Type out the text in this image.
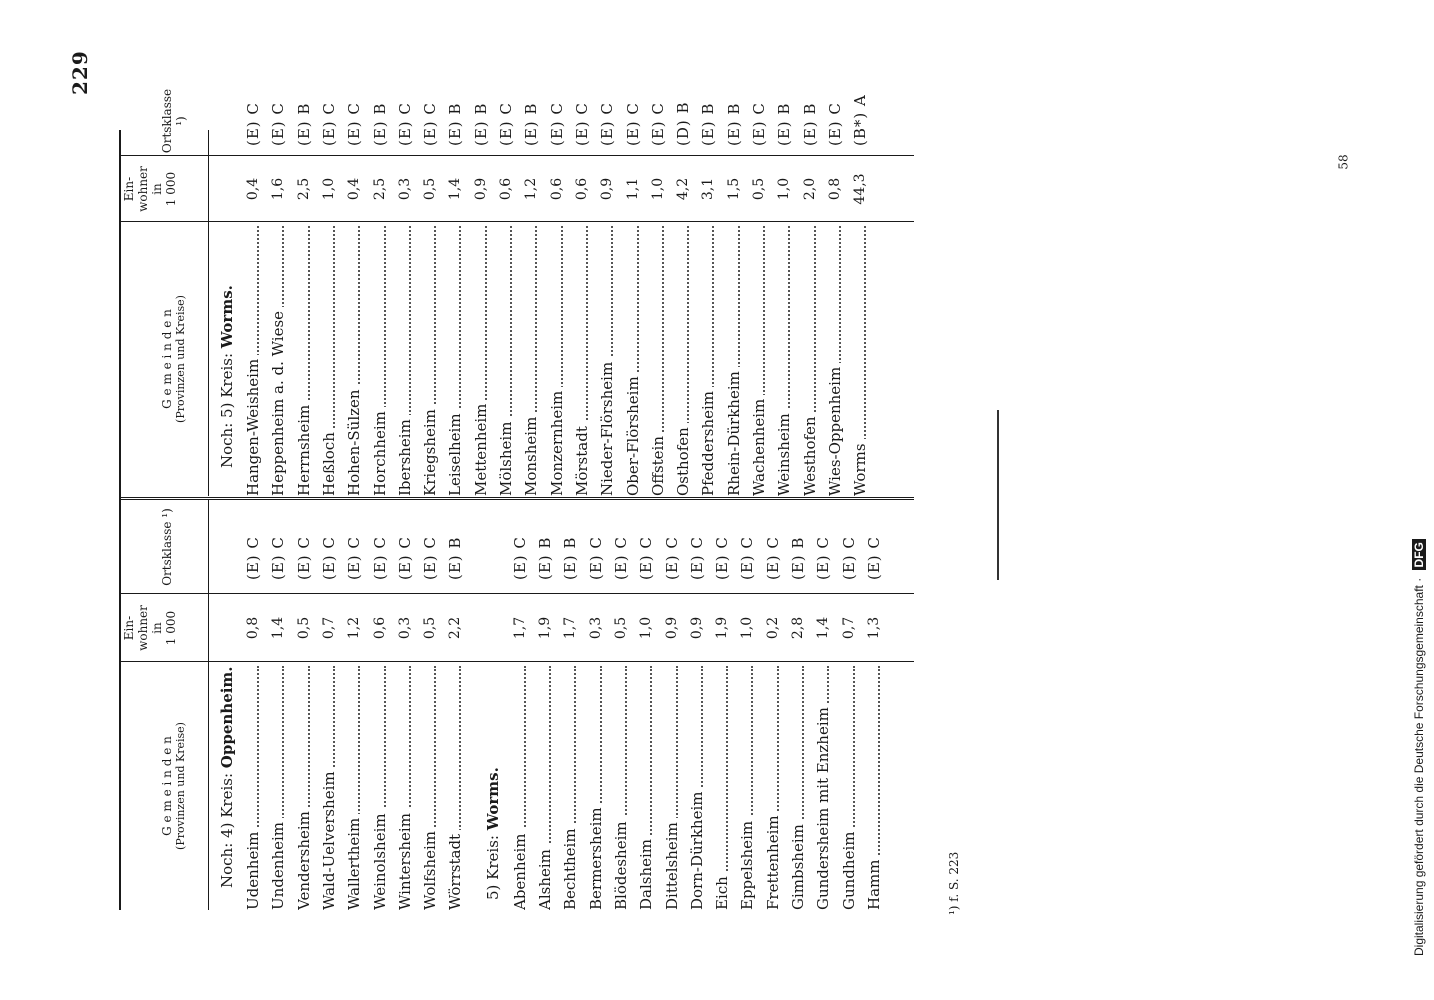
229
G e m e i n d e n (Provinzen und Kreise)
Ein- wohner in 1 000
Ortsklasse ¹)
G e m e i n d e n (Provinzen und Kreise)
Ein- wohner in 1 000
Ortsklasse ¹)
Noch: 4) Kreis: Oppenheim.
Udenheim
0,8
(E) C
Undenheim
1,4
(E) C
Vendersheim
0,5
(E) C
Wald-Uelversheim
0,7
(E) C
Wallertheim
1,2
(E) C
Weinolsheim
0,6
(E) C
Wintersheim
0,3
(E) C
Wolfsheim
0,5
(E) C
Wörrstadt
2,2
(E) B
5) Kreis: Worms.
Abenheim
1,7
(E) C
Alsheim
1,9
(E) B
Bechtheim
1,7
(E) B
Bermersheim
0,3
(E) C
Blödesheim
0,5
(E) C
Dalsheim
1,0
(E) C
Dittelsheim
0,9
(E) C
Dorn-Dürkheim
0,9
(E) C
Eich
1,9
(E) C
Eppelsheim
1,0
(E) C
Frettenheim
0,2
(E) C
Gimbsheim
2,8
(E) B
Gundersheim mit Enzheim
1,4
(E) C
Gundheim
0,7
(E) C
Hamm
1,3
(E) C
Noch: 5) Kreis: Worms.
Hangen-Weisheim
0,4
(E) C
Heppenheim a. d. Wiese
1,6
(E) C
Herrnsheim
2,5
(E) B
Heßloch
1,0
(E) C
Hohen-Sülzen
0,4
(E) C
Horchheim
2,5
(E) B
Ibersheim
0,3
(E) C
Kriegsheim
0,5
(E) C
Leiselheim
1,4
(E) B
Mettenheim
0,9
(E) B
Mölsheim
0,6
(E) C
Monsheim
1,2
(E) B
Monzernheim
0,6
(E) C
Mörstadt
0,6
(E) C
Nieder-Flörsheim
0,9
(E) C
Ober-Flörsheim
1,1
(E) C
Offstein
1,0
(E) C
Osthofen
4,2
(D) B
Pfeddersheim
3,1
(E) B
Rhein-Dürkheim
1,5
(E) B
Wachenheim
0,5
(E) C
Weinsheim
1,0
(E) B
Westhofen
2,0
(E) B
Wies-Oppenheim
0,8
(E) C
Worms
44,3
(B*) A
¹) f. S. 223
58
Digitalisierung gefördert durch die Deutsche Forschungsgemeinschaft · DFG
